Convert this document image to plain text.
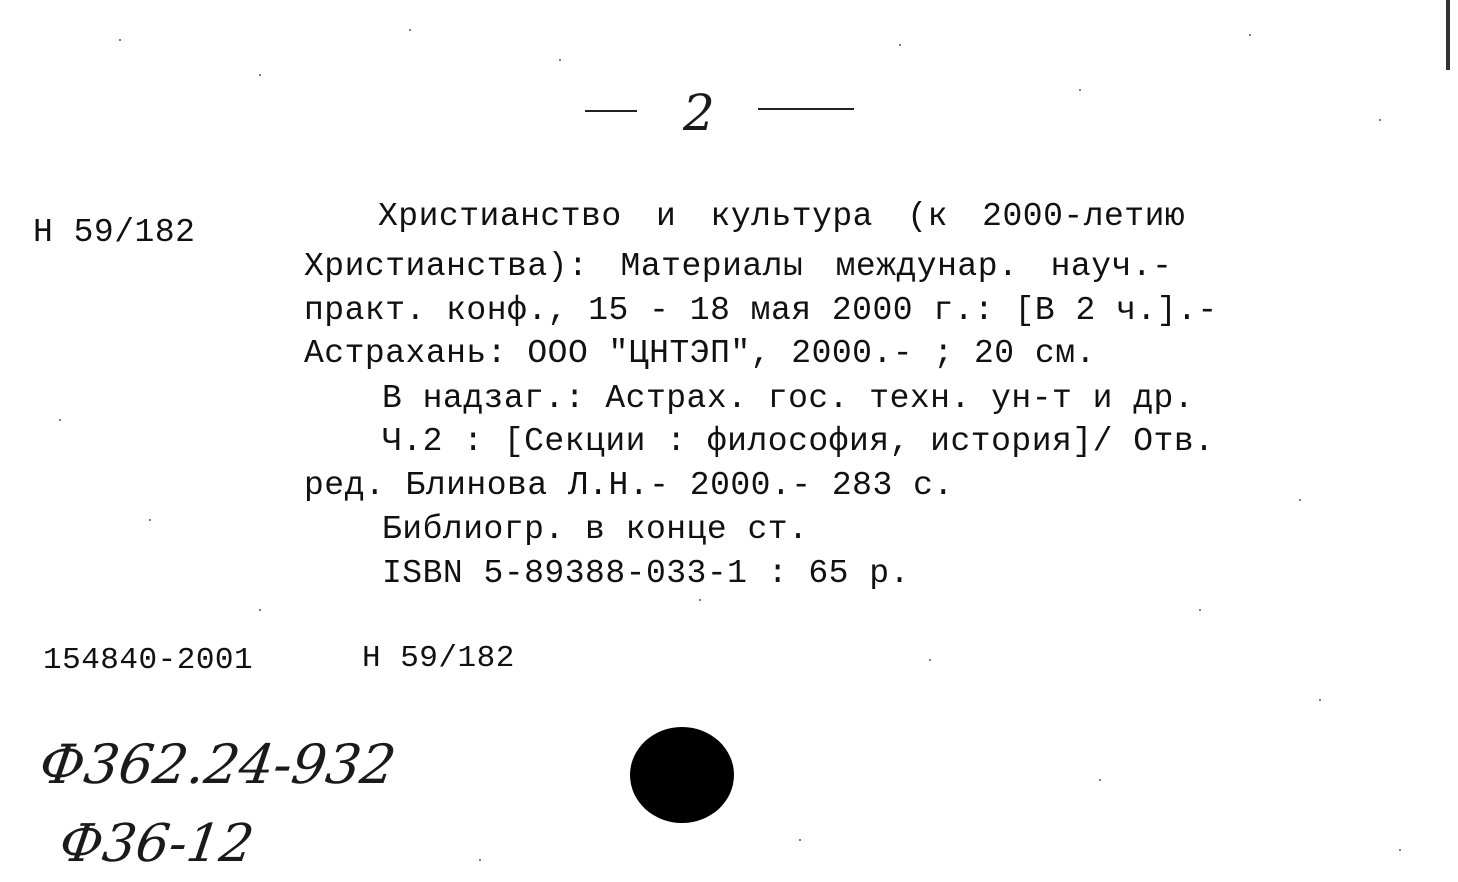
2
Н 59/182	Христианство и культура (к 2000-летию
Христианства): Материалы междунар. науч.-
практ. конф., 15 - 18 мая 2000 г.: [В 2 ч.].-
Астрахань: ООО "ЦНТЭП", 2000.- ; 20 см.
В надзаг.: Астрах. гос. техн. ун-т и др.
Ч.2 : [Секции : философия, история]/ Отв.
ред. Блинова Л.Н.- 2000.- 283 с.
Библиогр. в конце ст.
ISBN 5-89388-033-1 : 65 р.
154840-2001	Н 59/182
Ф362.24-932
Ф36-12
